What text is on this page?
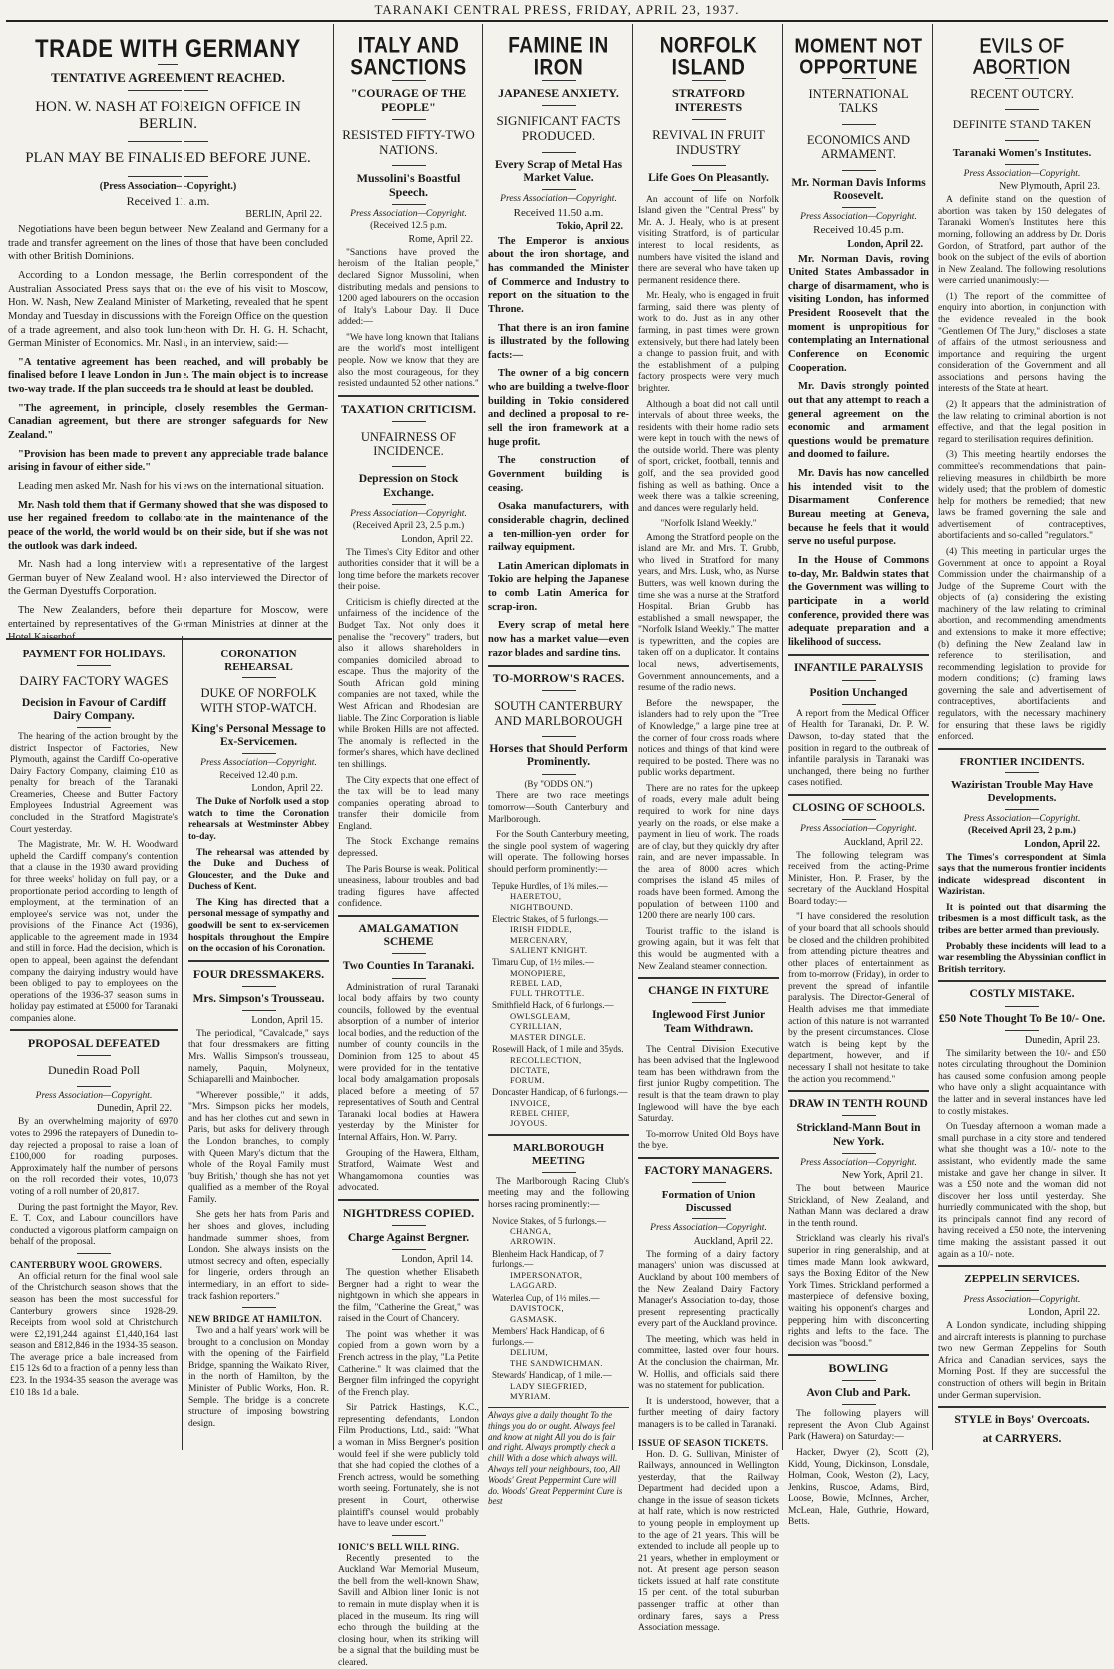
TARANAKI CENTRAL PRESS, FRIDAY, APRIL 23, 1937.
TRADE WITH GERMANY
TENTATIVE AGREEMENT REACHED.
HON. W. NASH AT FOREIGN OFFICE IN BERLIN.
PLAN MAY BE FINALISED BEFORE JUNE.
(Press Association—Copyright.)
Received 11 a.m.
BERLIN, April 22.

Negotiations have been begun between New Zealand and Germany for a trade and transfer agreement on the lines of those that have been concluded with other British Dominions.

According to a London message, the Berlin correspondent of the Australian Associated Press says that on the eve of his visit to Moscow, Hon. W. Nash, New Zealand Minister of Marketing, revealed that he spent Monday and Tuesday in discussions with the Foreign Office on the question of a trade agreement, and also took luncheon with Dr. H. G. H. Schacht, German Minister of Economics. Mr. Nash, in an interview, said:—

"A tentative agreement has been reached, and will probably be finalised before I leave London in June. The main object is to increase two-way trade. If the plan succeeds trade should at least be doubled.

"The agreement, in principle, closely resembles the German-Canadian agreement, but there are stronger safeguards for New Zealand."

"Provision has been made to prevent any appreciable trade balance arising in favour of either side."

Leading men asked Mr. Nash for his views on the international situation.

Mr. Nash told them that if Germany showed that she was disposed to use her regained freedom to collaborate in the maintenance of the peace of the world, the world would be on their side, but if she was not the outlook was dark indeed.

Mr. Nash had a long interview with a representative of the largest German buyer of New Zealand wool. He also interviewed the Director of the German Dyestuffs Corporation.

The New Zealanders, before their departure for Moscow, were entertained by representatives of the German Ministries at dinner at the Hotel Kaiserhof.

PAYMENT FOR HOLIDAYS.
DAIRY FACTORY WAGES
Decision in Favour of Cardiff Dairy Company.

The hearing of the action brought by the district Inspector of Factories, New Plymouth, against the Cardiff Co-operative Dairy Factory Company, claiming £10 as penalty for breach of the Taranaki Creameries, Cheese and Butter Factory Employees Industrial Agreement was concluded in the Stratford Magistrate's Court yesterday.

The Magistrate, Mr. W. H. Woodward upheld the Cardiff company's contention that a clause in the 1930 award providing for three weeks' holiday on full pay, or a proportionate period according to length of employment, at the termination of an employee's service was not, under the provisions of the Finance Act (1936), applicable to the agreement made in 1934 and still in force. Had the decision, which is open to appeal, been against the defendant company the dairying industry would have been obliged to pay to employees on the operations of the 1936-37 season sums in holiday pay estimated at £5000 for Taranaki companies alone.

PROPOSAL DEFEATED
Dunedin Road Poll
Press Association—Copyright.
Dunedin, April 22.

By an overwhelming majority of 6970 votes to 2996 the ratepayers of Dunedin to-day rejected a proposal to raise a loan of £100,000 for roading purposes. Approximately half the number of persons on the roll recorded their votes, 10,073 voting of a roll number of 20,817.

During the past fortnight the Mayor, Rev. E. T. Cox, and Labour councillors have conducted a vigorous platform campaign on behalf of the proposal.

CANTERBURY WOOL GROWERS.

An official return for the final wool sale of the Christchurch season shows that the season has been the most successful for Canterbury growers since 1928-29. Receipts from wool sold at Christchurch were £2,191,244 against £1,440,164 last season and £812,846 in the 1934-35 season. The average price a bale increased from £15 12s 6d to a fraction of a penny less than £23. In the 1934-35 season the average was £10 18s 1d a bale.

CORONATION REHEARSAL
DUKE OF NORFOLK WITH STOP-WATCH.
King's Personal Message to Ex-Servicemen.
Press Association—Copyright.
Received 12.40 p.m.
London, April 22.

The Duke of Norfolk used a stop watch to time the Coronation rehearsals at Westminster Abbey to-day.

The rehearsal was attended by the Duke and Duchess of Gloucester, and the Duke and Duchess of Kent.

The King has directed that a personal message of sympathy and goodwill be sent to ex-servicemen hospitals throughout the Empire on the occasion of his Coronation.

FOUR DRESSMAKERS.
Mrs. Simpson's Trousseau.
London, April 15.

The periodical, "Cavalcade," says that four dressmakers are fitting Mrs. Wallis Simpson's trousseau, namely, Paquin, Molyneux, Schiaparelli and Mainbocher.

"Wherever possible," it adds, "Mrs. Simpson picks her models, and has her clothes cut and sewn in Paris, but asks for delivery through the London branches, to comply with Queen Mary's dictum that the whole of the Royal Family must 'buy British,' though she has not yet qualified as a member of the Royal Family.

She gets her hats from Paris and her shoes and gloves, including handmade summer shoes, from London. She always insists on the utmost secrecy and often, especially for lingerie, orders through an intermediary, in an effort to side-track fashion reporters."

NEW BRIDGE AT HAMILTON.

Two and a half years' work will be brought to a conclusion on Monday with the opening of the Fairfield Bridge, spanning the Waikato River, in the north of Hamilton, by the Minister of Public Works, Hon. R. Semple. The bridge is a concrete structure of imposing bowstring design.

ITALY AND SANCTIONS
"COURAGE OF THE PEOPLE"
RESISTED FIFTY-TWO NATIONS.
Mussolini's Boastful Speech.
Press Association—Copyright.
(Received 12.5 p.m.
Rome, April 22.

"Sanctions have proved the heroism of the Italian people," declared Signor Mussolini, when distributing medals and pensions to 1200 aged labourers on the occasion of Italy's Labour Day. Il Duce added:—

"We have long known that Italians are the world's most intelligent people. Now we know that they are also the most courageous, for they resisted undaunted 52 other nations."

TAXATION CRITICISM.
UNFAIRNESS OF INCIDENCE.
Depression on Stock Exchange.
Press Association—Copyright.
(Received April 23, 2.5 p.m.)
London, April 22.

The Times's City Editor and other authorities consider that it will be a long time before the markets recover their poise.

Criticism is chiefly directed at the unfairness of the incidence of the Budget Tax. Not only does it penalise the "recovery" traders, but also it allows shareholders in companies domiciled abroad to escape. Thus the majority of the South African gold mining companies are not taxed, while the West African and Rhodesian are liable. The Zinc Corporation is liable while Broken Hills are not affected. The anomaly is reflected in the former's shares, which have declined ten shillings.

The City expects that one effect of the tax will be to lead many companies operating abroad to transfer their domicile from England.

The Stock Exchange remains depressed.

The Paris Bourse is weak. Political uneasiness, labour troubles and bad trading figures have affected confidence.

AMALGAMATION SCHEME
Two Counties In Taranaki.

Administration of rural Taranaki local body affairs by two county councils, followed by the eventual absorption of a number of interior local bodies, and the reduction of the number of county councils in the Dominion from 125 to about 45 were provided for in the tentative local body amalgamation proposals placed before a meeting of 57 representatives of South and Central Taranaki local bodies at Hawera yesterday by the Minister for Internal Affairs, Hon. W. Parry.

Grouping of the Hawera, Eltham, Stratford, Waimate West and Whangamomona counties was advocated.

NIGHTDRESS COPIED.
Charge Against Bergner.
London, April 14.

The question whether Elisabeth Bergner had a right to wear the nightgown in which she appears in the film, "Catherine the Great," was raised in the Court of Chancery.

The point was whether it was copied from a gown worn by a French actress in the play, "La Petite Catherine." It was claimed that the Bergner film infringed the copyright of the French play.

Sir Patrick Hastings, K.C., representing defendants, London Film Productions, Ltd., said: "What a woman in Miss Bergner's position would feel if she were publicly told that she had copied the clothes of a French actress, would be something worth seeing. Fortunately, she is not present in Court, otherwise plaintiff's counsel would probably have to leave under escort."

IONIC'S BELL WILL RING.

Recently presented to the Auckland War Memorial Museum, the bell from the well-known Shaw, Savill and Albion liner Ionic is not to remain in mute display when it is placed in the museum. Its ring will echo through the building at the closing hour, when its striking will be a signal that the building must be cleared.

FAMINE IN IRON
JAPANESE ANXIETY.
SIGNIFICANT FACTS PRODUCED.
Every Scrap of Metal Has Market Value.
Press Association—Copyright.
Received 11.50 a.m.
Tokio, April 22.

The Emperor is anxious about the iron shortage, and has commanded the Minister of Commerce and Industry to report on the situation to the Throne.

That there is an iron famine is illustrated by the following facts:—

The owner of a big concern who are building a twelve-floor building in Tokio considered and declined a proposal to re-sell the iron framework at a huge profit.

The construction of Government building is ceasing.

Osaka manufacturers, with considerable chagrin, declined a ten-million-yen order for railway equipment.

Latin American diplomats in Tokio are helping the Japanese to comb Latin America for scrap-iron.

Every scrap of metal here now has a market value—even razor blades and sardine tins.

TO-MORROW'S RACES.
SOUTH CANTERBURY AND MARLBOROUGH
Horses that Should Perform Prominently.
(By "ODDS ON.")

There are two race meetings tomorrow—South Canterbury and Marlborough.

For the South Canterbury meeting, the single pool system of wagering will operate. The following horses should perform prominently:—

Tepuke Hurdles, of 1¾ miles.—
HAERETOU,
NIGHTBOUND.
Electric Stakes, of 5 furlongs.—
IRISH FIDDLE,
MERCENARY,
SALIENT KNIGHT.
Timaru Cup, of 1½ miles.—
MONOPIERE,
REBEL LAD,
FULL THROTTLE.
Smithfield Hack, of 6 furlongs.—
OWLSGLEAM,
CYRILLIAN,
MASTER DINGLE.
Rosewill Hack, of 1 mile and 35yds.
RECOLLECTION,
DICTATE,
FORUM.
Doncaster Handicap, of 6 furlongs.—
INVOICE,
REBEL CHIEF,
JOYOUS.
MARLBOROUGH MEETING

The Marlborough Racing Club's meeting may and the following horses racing prominently:—

Novice Stakes, of 5 furlongs.—
CHANGA,
ARROWIN.
Blenheim Hack Handicap, of 7 furlongs.—
IMPERSONATOR,
LAGGARD.
Waterlea Cup, of 1½ miles.—
DAVISTOCK,
GASMASK.
Members' Hack Handicap, of 6 furlongs.—
DELIUM,
THE SANDWICHMAN.
Stewards' Handicap, of 1 mile.—
LADY SIEGFRIED,
MYRIAM.

Always give a daily thought To the things you do or ought. Always feel and know at night All you do is fair and right. Always promptly check a chill With a dose which always will. Always tell your neighbours, too, All Woods' Great Peppermint Cure will do. Woods' Great Peppermint Cure is best

NORFOLK ISLAND
STRATFORD INTERESTS
REVIVAL IN FRUIT INDUSTRY
Life Goes On Pleasantly.

An account of life on Norfolk Island given the "Central Press" by Mr. A. J. Healy, who is at present visiting Stratford, is of particular interest to local residents, as numbers have visited the island and there are several who have taken up permanent residence there.

Mr. Healy, who is engaged in fruit farming, said there was plenty of work to do. Just as in any other farming, in past times were grown extensively, but there had lately been a change to passion fruit, and with the establishment of a pulping factory prospects were very much brighter.

Although a boat did not call until intervals of about three weeks, the residents with their home radio sets were kept in touch with the news of the outside world. There was plenty of sport, cricket, football, tennis and golf, and the sea provided good fishing as well as bathing. Once a week there was a talkie screening, and dances were regularly held.

"Norfolk Island Weekly."

Among the Stratford people on the island are Mr. and Mrs. T. Grubb, who lived in Stratford for many years, and Mrs. Lusk, who, as Nurse Butters, was well known during the time she was a nurse at the Stratford Hospital. Brian Grubb has established a small newspaper, the "Norfolk Island Weekly." The matter is typewritten, and the copies are taken off on a duplicator. It contains local news, advertisements, Government announcements, and a resume of the radio news.

Before the newspaper, the islanders had to rely upon the "Tree of Knowledge," a large pine tree at the corner of four cross roads where notices and things of that kind were required to be posted. There was no public works department.

There are no rates for the upkeep of roads, every male adult being required to work for nine days yearly on the roads, or else make a payment in lieu of work. The roads are of clay, but they quickly dry after rain, and are never impassable. In the area of 8000 acres which comprises the island 45 miles of roads have been formed. Among the population of between 1100 and 1200 there are nearly 100 cars.

Tourist traffic to the island is growing again, but it was felt that this would be augmented with a New Zealand steamer connection.

CHANGE IN FIXTURE
Inglewood First Junior Team Withdrawn.

The Central Division Executive has been advised that the Inglewood team has been withdrawn from the first junior Rugby competition. The result is that the team drawn to play Inglewood will have the bye each Saturday.

To-morrow United Old Boys have the bye.

FACTORY MANAGERS.
Formation of Union Discussed
Press Association—Copyright.
Auckland, April 22.

The forming of a dairy factory managers' union was discussed at Auckland by about 100 members of the New Zealand Dairy Factory Manager's Association to-day, those present representing practically every part of the Auckland province.

The meeting, which was held in committee, lasted over four hours. At the conclusion the chairman, Mr. W. Hollis, and officials said there was no statement for publication.

It is understood, however, that a further meeting of dairy factory managers is to be called in Taranaki.

ISSUE OF SEASON TICKETS.

Hon. D. G. Sullivan, Minister of Railways, announced in Wellington yesterday, that the Railway Department had decided upon a change in the issue of season tickets at half rate, which is now restricted to young people in employment up to the age of 21 years. This will be extended to include all people up to 21 years, whether in employment or not. At present age person season tickets issued at half rate constitute 15 per cent. of the total suburban passenger traffic at other than ordinary fares, says a Press Association message.

MOMENT NOT OPPORTUNE
INTERNATIONAL TALKS
ECONOMICS AND ARMAMENT.
Mr. Norman Davis Informs Roosevelt.
Press Association—Copyright.
Received 10.45 p.m.
London, April 22.

Mr. Norman Davis, roving United States Ambassador in charge of disarmament, who is visiting London, has informed President Roosevelt that the moment is unpropitious for contemplating an International Conference on Economic Cooperation.

Mr. Davis strongly pointed out that any attempt to reach a general agreement on the economic and armament questions would be premature and doomed to failure.

Mr. Davis has now cancelled his intended visit to the Disarmament Conference Bureau meeting at Geneva, because he feels that it would serve no useful purpose.

In the House of Commons to-day, Mr. Baldwin states that the Government was willing to participate in a world conference, provided there was adequate preparation and a likelihood of success.

INFANTILE PARALYSIS
Position Unchanged

A report from the Medical Officer of Health for Taranaki, Dr. P. W. Dawson, to-day stated that the position in regard to the outbreak of infantile paralysis in Taranaki was unchanged, there being no further cases notified.

CLOSING OF SCHOOLS.
Press Association—Copyright.
Auckland, April 22.

The following telegram was received from the acting-Prime Minister, Hon. P. Fraser, by the secretary of the Auckland Hospital Board today:—

"I have considered the resolution of your board that all schools should be closed and the children prohibited from attending picture theatres and other places of entertainment as from to-morrow (Friday), in order to prevent the spread of infantile paralysis. The Director-General of Health advises me that immediate action of this nature is not warranted by the present circumstances. Close watch is being kept by the department, however, and if necessary I shall not hesitate to take the action you recommend."

DRAW IN TENTH ROUND
Strickland-Mann Bout in New York.
Press Association—Copyright.
New York, April 21.

The bout between Maurice Strickland, of New Zealand, and Nathan Mann was declared a draw in the tenth round.

Strickland was clearly his rival's superior in ring generalship, and at times made Mann look awkward, says the Boxing Editor of the New York Times. Strickland performed a masterpiece of defensive boxing, waiting his opponent's charges and peppering him with disconcerting rights and lefts to the face. The decision was "boosd."

BOWLING
Avon Club and Park.

The following players will represent the Avon Club Against Park (Hawera) on Saturday:—

Hacker, Dwyer (2), Scott (2), Kidd, Young, Dickinson, Lonsdale, Holman, Cook, Weston (2), Lacy, Jenkins, Ruscoe, Adams, Bird, Loose, Bowie, McInnes, Archer, McLean, Hale, Guthrie, Howard, Betts.

EVILS OF ABORTION
RECENT OUTCRY.
DEFINITE STAND TAKEN
Taranaki Women's Institutes.
Press Association—Copyright.
New Plymouth, April 23.

A definite stand on the question of abortion was taken by 150 delegates of Taranaki Women's Institutes here this morning, following an address by Dr. Doris Gordon, of Stratford, part author of the book on the subject of the evils of abortion in New Zealand. The following resolutions were carried unanimously:—

(1) The report of the committee of enquiry into abortion, in conjunction with the evidence revealed in the book "Gentlemen Of The Jury," discloses a state of affairs of the utmost seriousness and importance and requiring the urgent consideration of the Government and all associations and persons having the interests of the State at heart.

(2) It appears that the administration of the law relating to criminal abortion is not effective, and that the legal position in regard to sterilisation requires definition.

(3) This meeting heartily endorses the committee's recommendations that pain-relieving measures in childbirth be more widely used; that the problem of domestic help for mothers be remedied; that new laws be framed governing the sale and advertisement of contraceptives, abortifacients and so-called "regulators."

(4) This meeting in particular urges the Government at once to appoint a Royal Commission under the chairmanship of a Judge of the Supreme Court with the objects of (a) considering the existing machinery of the law relating to criminal abortion, and recommending amendments and extensions to make it more effective; (b) defining the New Zealand law in reference to sterilisation, and recommending legislation to provide for modern conditions; (c) framing laws governing the sale and advertisement of contraceptives, abortifacients and regulators, with the necessary machinery for ensuring that these laws be rigidly enforced.

FRONTIER INCIDENTS.
Waziristan Trouble May Have Developments.
Press Association—Copyright.
(Received April 23, 2 p.m.)
London, April 22.

The Times's correspondent at Simla says that the numerous frontier incidents indicate widespread discontent in Waziristan.

It is pointed out that disarming the tribesmen is a most difficult task, as the tribes are better armed than previously.

Probably these incidents will lead to a war resembling the Abyssinian conflict in British territory.

COSTLY MISTAKE.
£50 Note Thought To Be 10/- One.
Dunedin, April 23.

The similarity between the 10/- and £50 notes circulating throughout the Dominion has caused some confusion among people who have only a slight acquaintance with the latter and in several instances have led to costly mistakes.

On Tuesday afternoon a woman made a small purchase in a city store and tendered what she thought was a 10/- note to the assistant, who evidently made the same mistake and gave her change in silver. It was a £50 note and the woman did not discover her loss until yesterday. She hurriedly communicated with the shop, but its principals cannot find any record of having received a £50 note, the intervening time making the assistant passed it out again as a 10/- note.

ZEPPELIN SERVICES.
Press Association—Copyright.
London, April 22.

A London syndicate, including shipping and aircraft interests is planning to purchase two new German Zeppelins for South Africa and Canadian services, says the Morning Post. If they are successful the construction of others will begin in Britain under German supervision.

STYLE in Boys' Overcoats.
at CARRYERS.
